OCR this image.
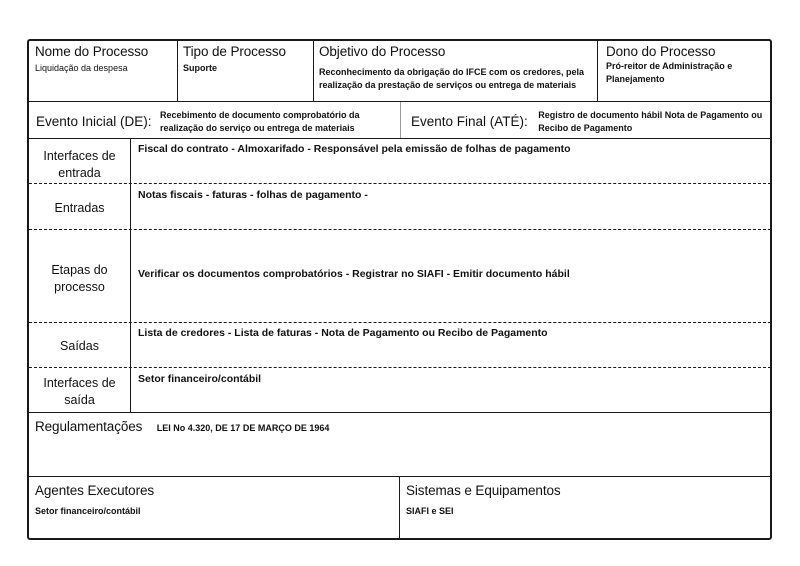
Nome do Processo
Liquidação da despesa
Tipo de Processo
Suporte
Objetivo do Processo
Reconhecimento da obrigação do IFCE com os credores, pela
realização da prestação de serviços ou entrega de materiais
Dono do Processo
Pró-reitor de Administração e
Planejamento
Evento Inicial (DE): Recebimento de documento comprobatório da
realização do serviço ou entrega de materiais	Evento Final (ATÉ): Registro de documento hábil Nota de Pagamento ou
Recibo de Pagamento
Interfaces de
entrada
Fiscal do contrato - Almoxarifado - Responsável pela emissão de folhas de pagamento
Entradas
Notas fiscais - faturas - folhas de pagamento -
Etapas do
processo
Verificar os documentos comprobatórios - Registrar no SIAFI - Emitir documento hábil
Saídas
Lista de credores - Lista de faturas - Nota de Pagamento ou Recibo de Pagamento
Interfaces de
saída
Setor financeiro/contábil
Regulamentações LEI No 4.320, DE 17 DE MARÇO DE 1964
Agentes Executores
Setor financeiro/contábil
Sistemas e Equipamentos
SIAFI e SEI
